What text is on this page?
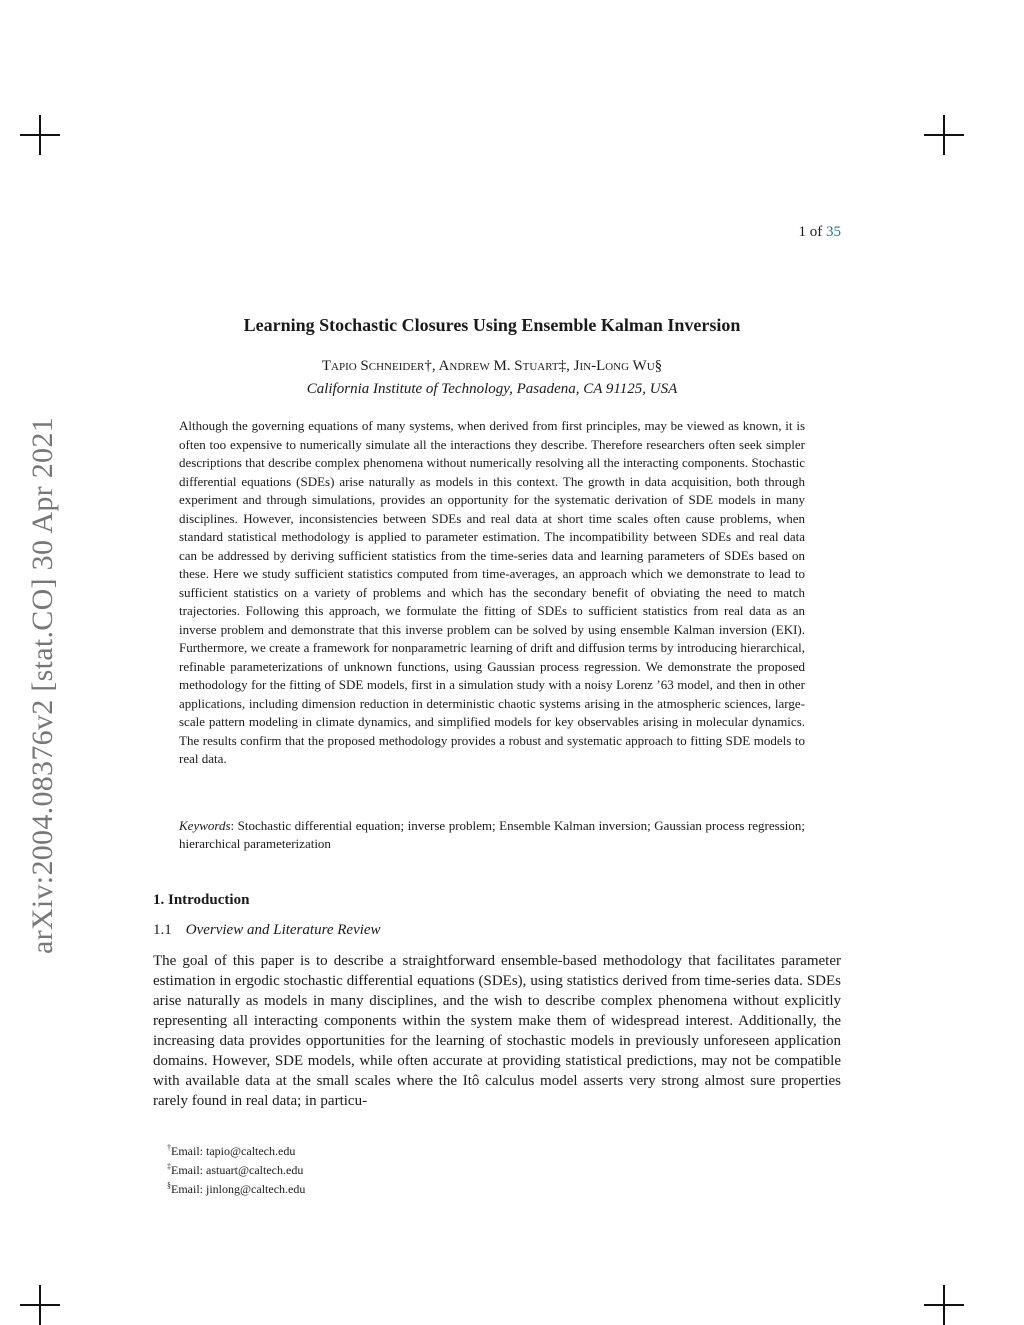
arXiv:2004.08376v2 [stat.CO] 30 Apr 2021
1 of 35
Learning Stochastic Closures Using Ensemble Kalman Inversion
Tapio Schneider†, Andrew M. Stuart‡, Jin-Long Wu§
California Institute of Technology, Pasadena, CA 91125, USA

Although the governing equations of many systems, when derived from first principles, may be viewed as known, it is often too expensive to numerically simulate all the interactions they describe. Therefore researchers often seek simpler descriptions that describe complex phenomena without numerically resolving all the interacting components. Stochastic differential equations (SDEs) arise naturally as models in this context. The growth in data acquisition, both through experiment and through simulations, provides an opportunity for the systematic derivation of SDE models in many disciplines. However, inconsistencies between SDEs and real data at short time scales often cause problems, when standard statistical methodology is applied to parameter estimation. The incompatibility between SDEs and real data can be addressed by deriving sufficient statistics from the time-series data and learning parameters of SDEs based on these. Here we study sufficient statistics computed from time-averages, an approach which we demonstrate to lead to sufficient statistics on a variety of problems and which has the secondary benefit of obviating the need to match trajectories. Following this approach, we formulate the fitting of SDEs to sufficient statistics from real data as an inverse problem and demonstrate that this inverse problem can be solved by using ensemble Kalman inversion (EKI). Furthermore, we create a framework for nonparametric learning of drift and diffusion terms by introducing hierarchical, refinable parameterizations of unknown functions, using Gaussian process regression. We demonstrate the proposed methodology for the fitting of SDE models, first in a simulation study with a noisy Lorenz ’63 model, and then in other applications, including dimension reduction in deterministic chaotic systems arising in the atmospheric sciences, large-scale pattern modeling in climate dynamics, and simplified models for key observables arising in molecular dynamics. The results confirm that the proposed methodology provides a robust and systematic approach to fitting SDE models to real data.

Keywords: Stochastic differential equation; inverse problem; Ensemble Kalman inversion; Gaussian process regression; hierarchical parameterization

1. Introduction
1.1 Overview and Literature Review

The goal of this paper is to describe a straightforward ensemble-based methodology that facilitates parameter estimation in ergodic stochastic differential equations (SDEs), using statistics derived from time-series data. SDEs arise naturally as models in many disciplines, and the wish to describe complex phenomena without explicitly representing all interacting components within the system make them of widespread interest. Additionally, the increasing data provides opportunities for the learning of stochastic models in previously unforeseen application domains. However, SDE models, while often accurate at providing statistical predictions, may not be compatible with available data at the small scales where the Itô calculus model asserts very strong almost sure properties rarely found in real data; in particu-

†Email: tapio@caltech.edu
‡Email: astuart@caltech.edu
§Email: jinlong@caltech.edu
